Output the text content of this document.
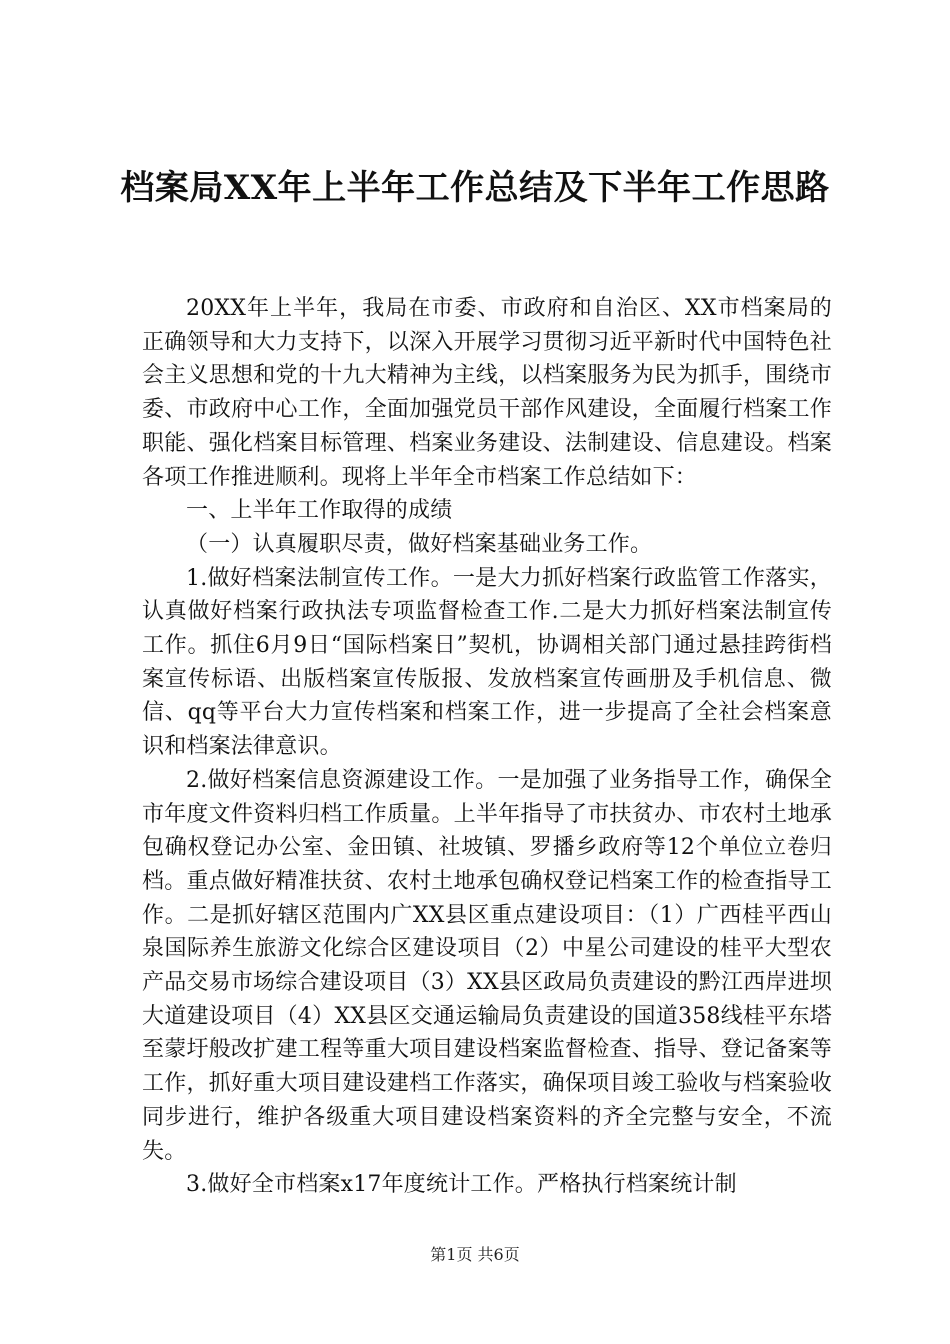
档案局XX年上半年工作总结及下半年工作思路

20XX年上半年，我局在市委、市政府和自治区、XX市档案局的正确领导和大力支持下，以深入开展学习贯彻习近平新时代中国特色社会主义思想和党的十九大精神为主线，以档案服务为民为抓手，围绕市委、市政府中心工作，全面加强党员干部作风建设，全面履行档案工作职能、强化档案目标管理、档案业务建设、法制建设、信息建设。档案各项工作推进顺利。现将上半年全市档案工作总结如下：

一、上半年工作取得的成绩

（一）认真履职尽责，做好档案基础业务工作。

1.做好档案法制宣传工作。一是大力抓好档案行政监管工作落实，认真做好档案行政执法专项监督检查工作.二是大力抓好档案法制宣传工作。抓住6月9日“国际档案日”契机，协调相关部门通过悬挂跨街档案宣传标语、出版档案宣传版报、发放档案宣传画册及手机信息、微信、qq等平台大力宣传档案和档案工作，进一步提高了全社会档案意识和档案法律意识。

2.做好档案信息资源建设工作。一是加强了业务指导工作，确保全市年度文件资料归档工作质量。上半年指导了市扶贫办、市农村土地承包确权登记办公室、金田镇、社坡镇、罗播乡政府等12个单位立卷归档。重点做好精准扶贫、农村土地承包确权登记档案工作的检查指导工作。二是抓好辖区范围内广XX县区重点建设项目：（1）广西桂平西山泉国际养生旅游文化综合区建设项目（2）中星公司建设的桂平大型农产品交易市场综合建设项目（3）XX县区政局负责建设的黔江西岸进坝大道建设项目（4）XX县区交通运输局负责建设的国道358线桂平东塔至蒙圩般改扩建工程等重大项目建设档案监督检查、指导、登记备案等工作，抓好重大项目建设建档工作落实，确保项目竣工验收与档案验收同步进行，维护各级重大项目建设档案资料的齐全完整与安全，不流失。

3.做好全市档案x17年度统计工作。严格执行档案统计制

第1页 共6页
